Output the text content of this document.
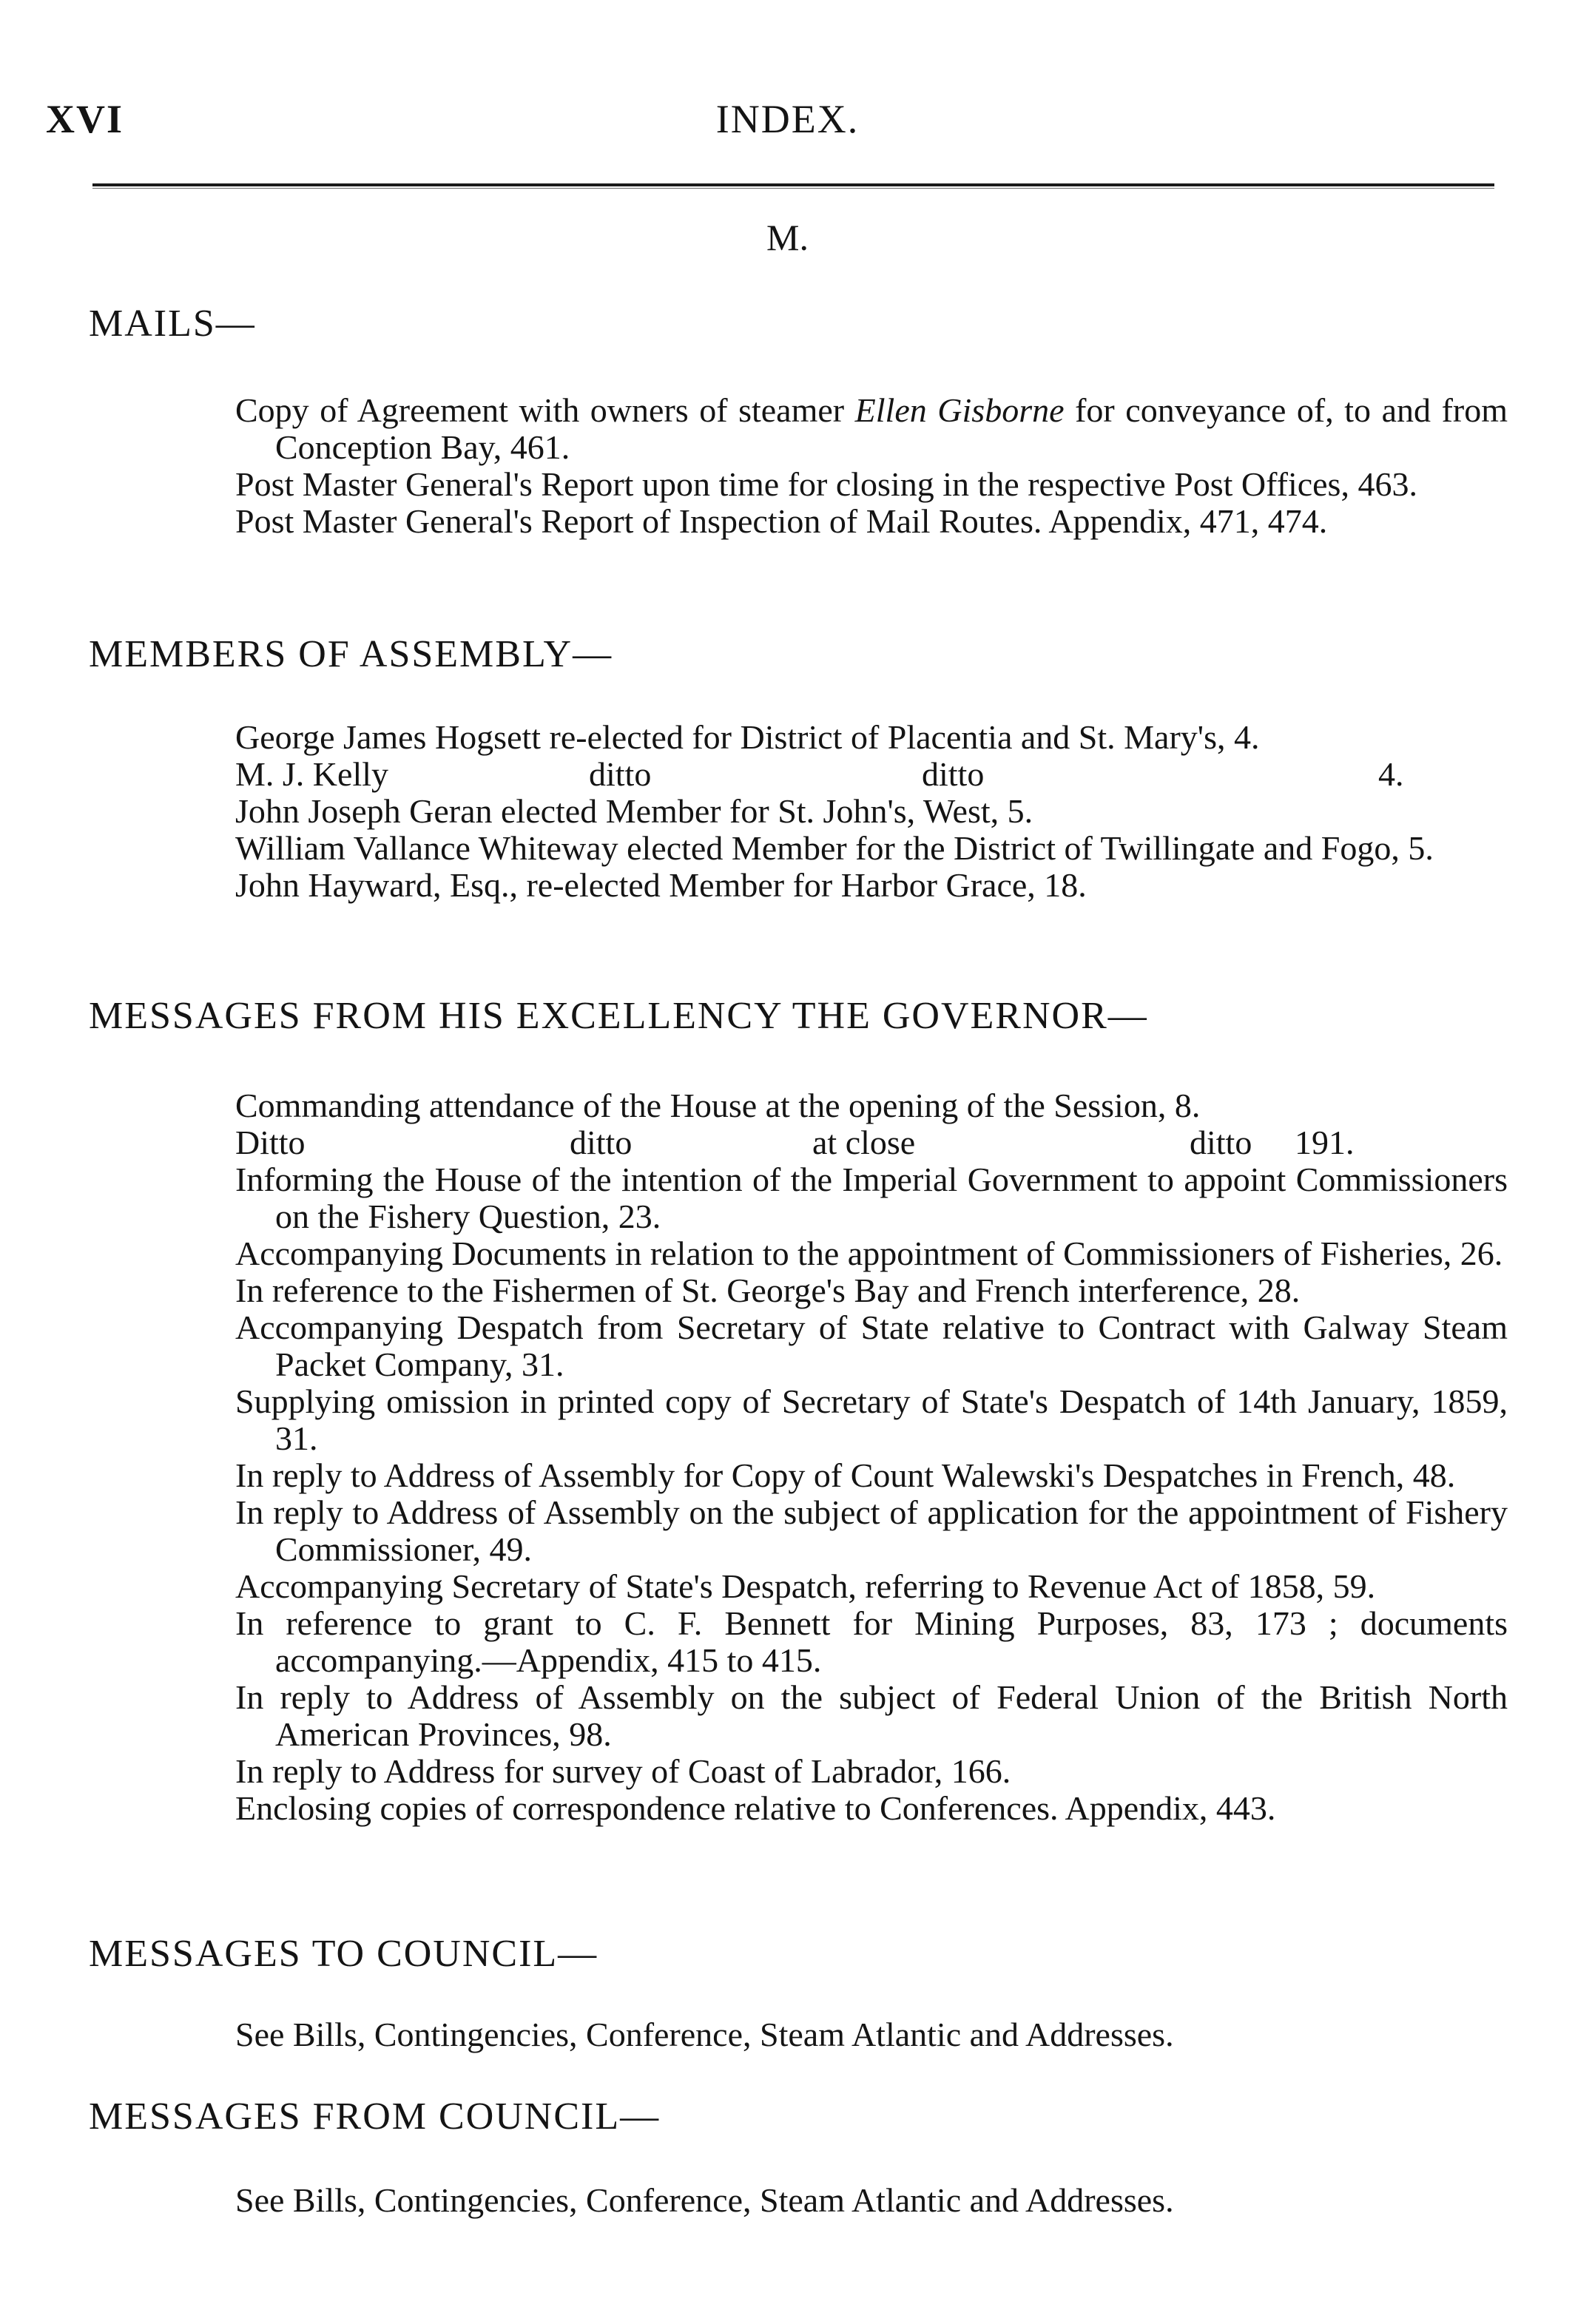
XVI	INDEX.
M.
MAILS—
Copy of Agreement with owners of steamer Ellen Gisborne for conveyance of, to and from Conception Bay, 461.
Post Master General's Report upon time for closing in the respective Post Offices, 463.
Post Master General's Report of Inspection of Mail Routes. Appendix, 471, 474.
MEMBERS OF ASSEMBLY—
George James Hogsett re-elected for District of Placentia and St. Mary's, 4.
M. J. Kelly	ditto	ditto	4.
John Joseph Geran elected Member for St. John's, West, 5.
William Vallance Whiteway elected Member for the District of Twillingate and Fogo, 5.
John Hayward, Esq., re-elected Member for Harbor Grace, 18.
MESSAGES FROM HIS EXCELLENCY THE GOVERNOR—
Commanding attendance of the House at the opening of the Session, 8.
Ditto	ditto	at close	ditto 191.
Informing the House of the intention of the Imperial Government to appoint Commissioners on the Fishery Question, 23.
Accompanying Documents in relation to the appointment of Commissioners of Fisheries, 26.
In reference to the Fishermen of St. George's Bay and French interference, 28.
Accompanying Despatch from Secretary of State relative to Contract with Galway Steam Packet Company, 31.
Supplying omission in printed copy of Secretary of State's Despatch of 14th January, 1859, 31.
In reply to Address of Assembly for Copy of Count Walewski's Despatches in French, 48.
In reply to Address of Assembly on the subject of application for the appointment of Fishery Commissioner, 49.
Accompanying Secretary of State's Despatch, referring to Revenue Act of 1858, 59.
In reference to grant to C. F. Bennett for Mining Purposes, 83, 173 ; documents accompanying.—Appendix, 415 to 415.
In reply to Address of Assembly on the subject of Federal Union of the British North American Provinces, 98.
In reply to Address for survey of Coast of Labrador, 166.
Enclosing copies of correspondence relative to Conferences. Appendix, 443.
MESSAGES TO COUNCIL—
See Bills, Contingencies, Conference, Steam Atlantic and Addresses.
MESSAGES FROM COUNCIL—
See Bills, Contingencies, Conference, Steam Atlantic and Addresses.
